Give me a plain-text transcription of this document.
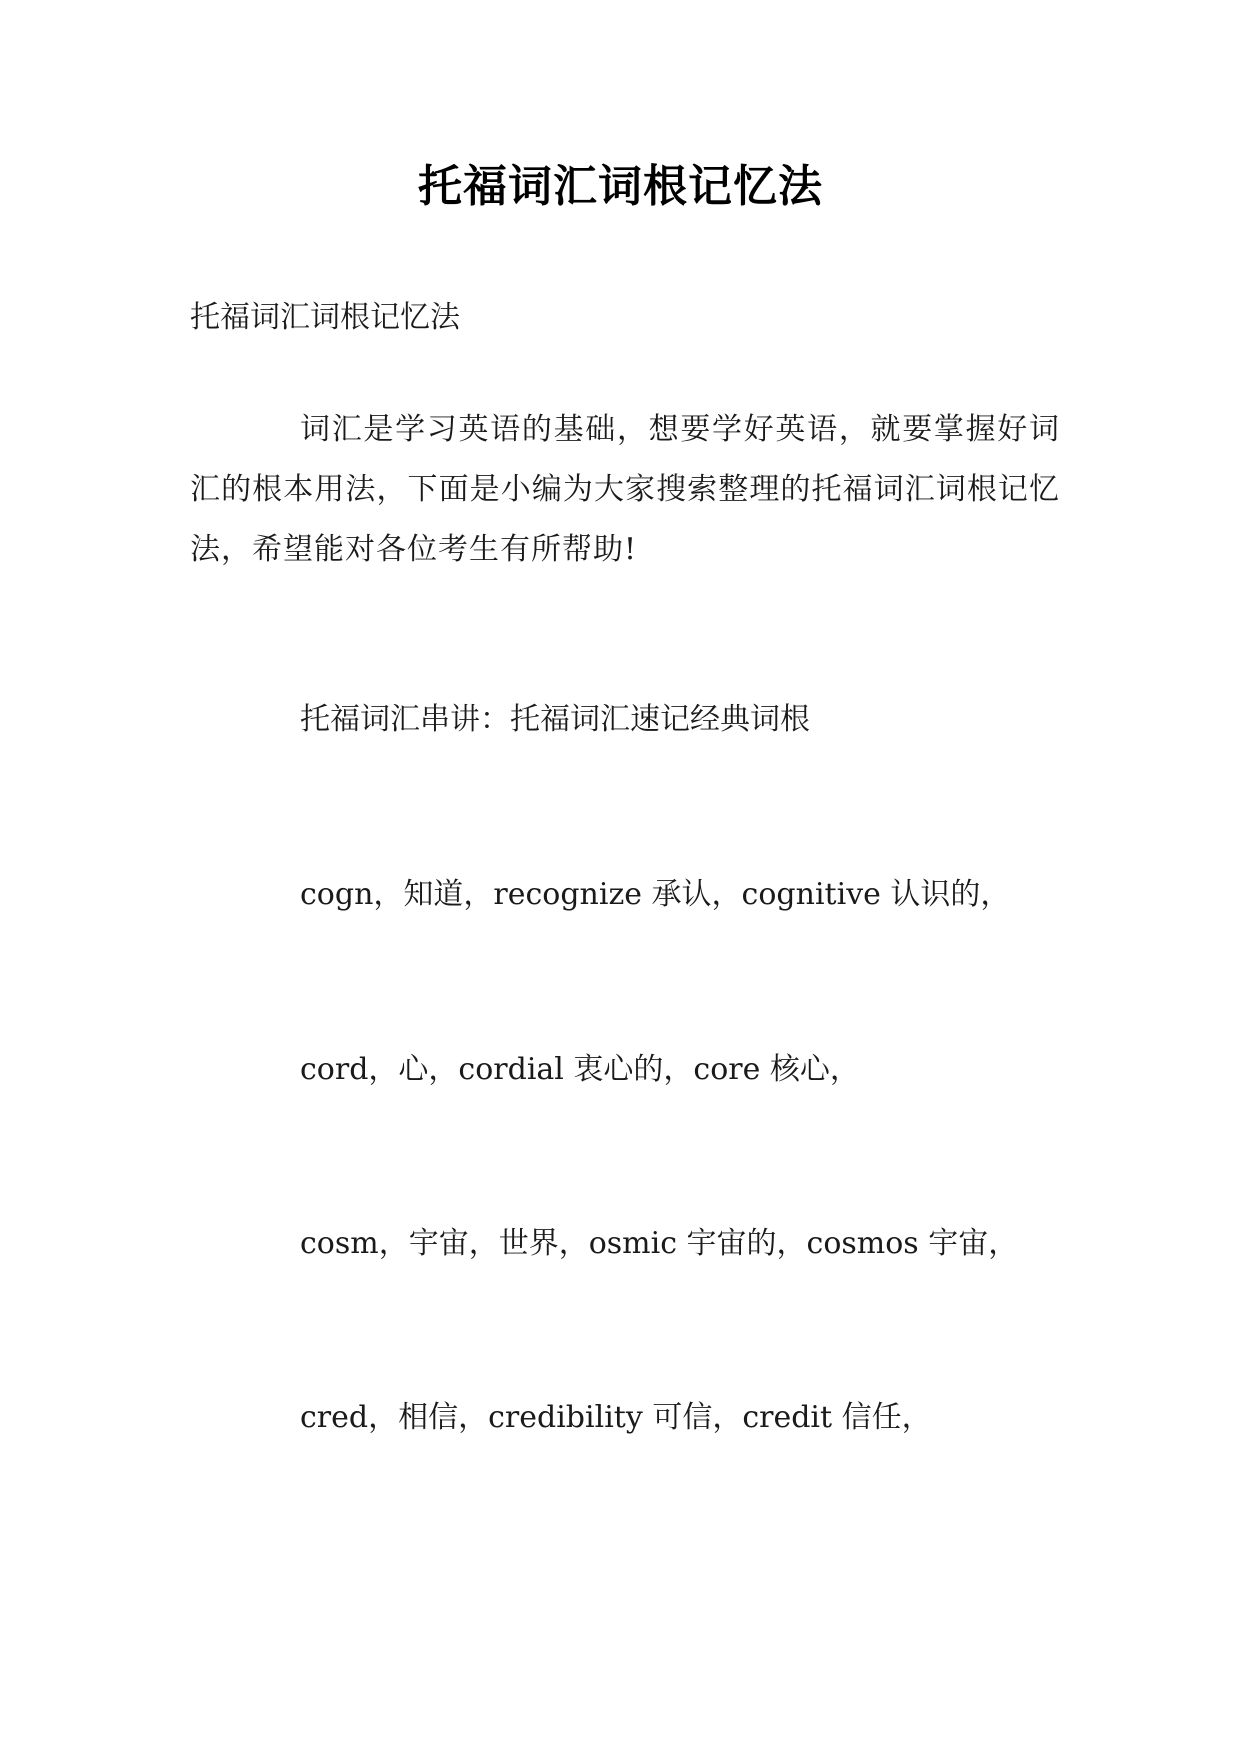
托福词汇词根记忆法
托福词汇词根记忆法
词汇是学习英语的基础，想要学好英语，就要掌握好词汇的根本用法，下面是小编为大家搜索整理的托福词汇词根记忆法，希望能对各位考生有所帮助!
托福词汇串讲：托福词汇速记经典词根
cogn，知道，recognize 承认，cognitive 认识的，
cord，心，cordial 衷心的，core 核心，
cosm，宇宙，世界，osmic 宇宙的，cosmos 宇宙，
cred，相信，credibility 可信，credit 信任，
